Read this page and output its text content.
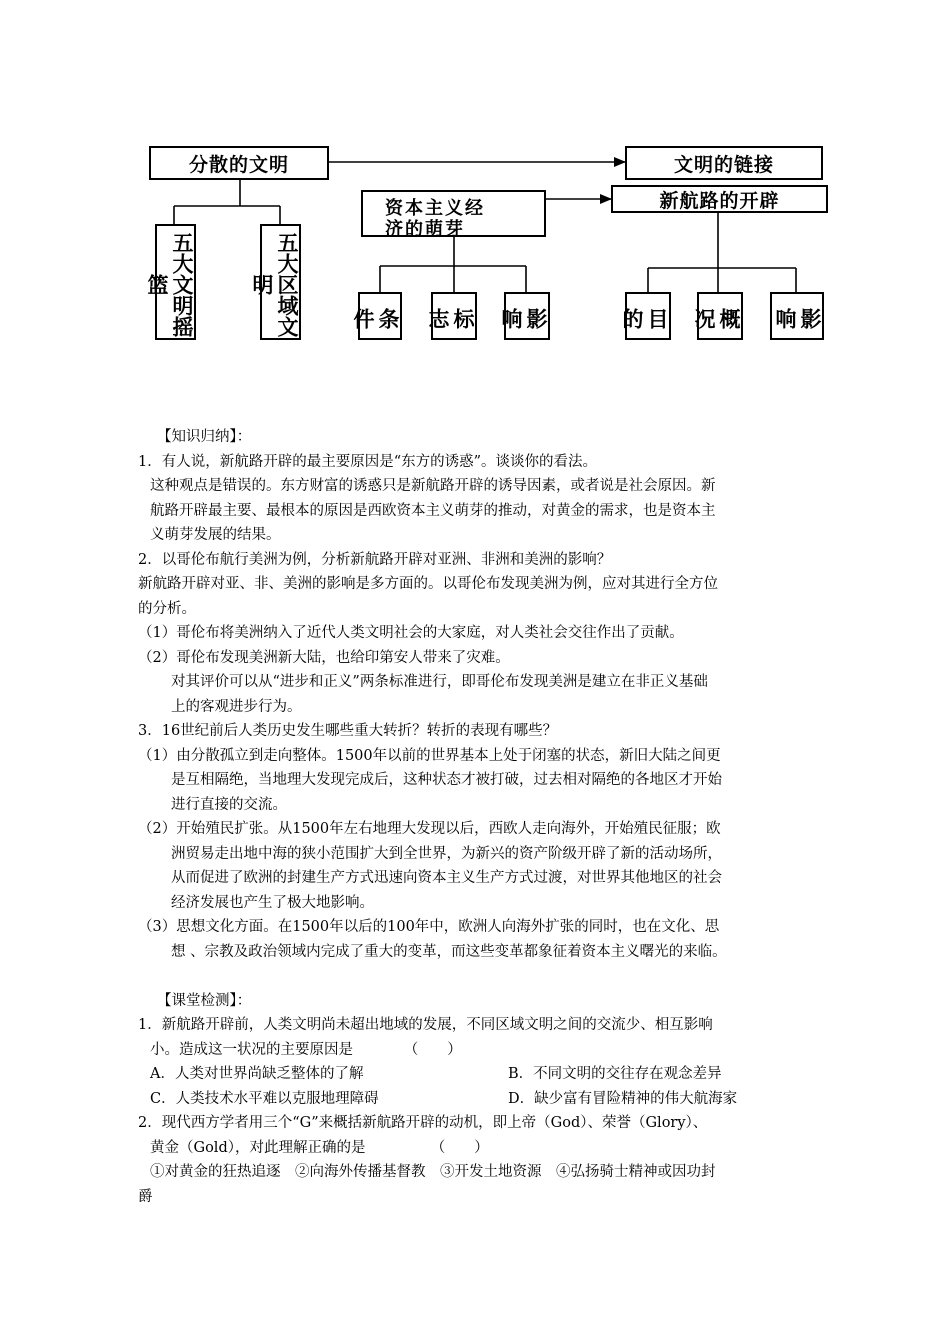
分散的文明	文明的链接
资本主义经
济的萌芽
新航路的开辟
五大文明摇篮	五大区域文明
条件	标志	影响	目的	概况	影响

【知识归纳】：

1．有人说，新航路开辟的最主要原因是“东方的诱惑”。谈谈你的看法。

这种观点是错误的。东方财富的诱惑只是新航路开辟的诱导因素，或者说是社会原因。新

航路开辟最主要、最根本的原因是西欧资本主义萌芽的推动，对黄金的需求，也是资本主

义萌芽发展的结果。

2．以哥伦布航行美洲为例，分析新航路开辟对亚洲、非洲和美洲的影响？

新航路开辟对亚、非、美洲的影响是多方面的。以哥伦布发现美洲为例，应对其进行全方位

的分析。

（1）哥伦布将美洲纳入了近代人类文明社会的大家庭，对人类社会交往作出了贡献。

（2）哥伦布发现美洲新大陆，也给印第安人带来了灾难。

对其评价可以从“进步和正义”两条标准进行，即哥伦布发现美洲是建立在非正义基础

上的客观进步行为。

3．16世纪前后人类历史发生哪些重大转折？转折的表现有哪些？

（1）由分散孤立到走向整体。1500年以前的世界基本上处于闭塞的状态，新旧大陆之间更

是互相隔绝，当地理大发现完成后，这种状态才被打破，过去相对隔绝的各地区才开始

进行直接的交流。

（2）开始殖民扩张。从1500年左右地理大发现以后，西欧人走向海外，开始殖民征服；欧

洲贸易走出地中海的狭小范围扩大到全世界，为新兴的资产阶级开辟了新的活动场所，

从而促进了欧洲的封建生产方式迅速向资本主义生产方式过渡，对世界其他地区的社会

经济发展也产生了极大地影响。

（3）思想文化方面。在1500年以后的100年中，欧洲人向海外扩张的同时，也在文化、思

想 、宗教及政治领域内完成了重大的变革，而这些变革都象征着资本主义曙光的来临。

【课堂检测】：

1．新航路开辟前，人类文明尚未超出地域的发展，不同区域文明之间的交流少、相互影响

小。造成这一状况的主要原因是　　　　（　　）

A．人类对世界尚缺乏整体的了解	B．不同文明的交往存在观念差异
C．人类技术水平难以克服地理障碍	D．缺少富有冒险精神的伟大航海家

2．现代西方学者用三个“G”来概括新航路开辟的动机，即上帝（God）、荣誉（Glory）、

黄金（Gold），对此理解正确的是　　　　　（　　）

①对黄金的狂热追逐　②向海外传播基督教　③开发土地资源　④弘扬骑士精神或因功封

爵
